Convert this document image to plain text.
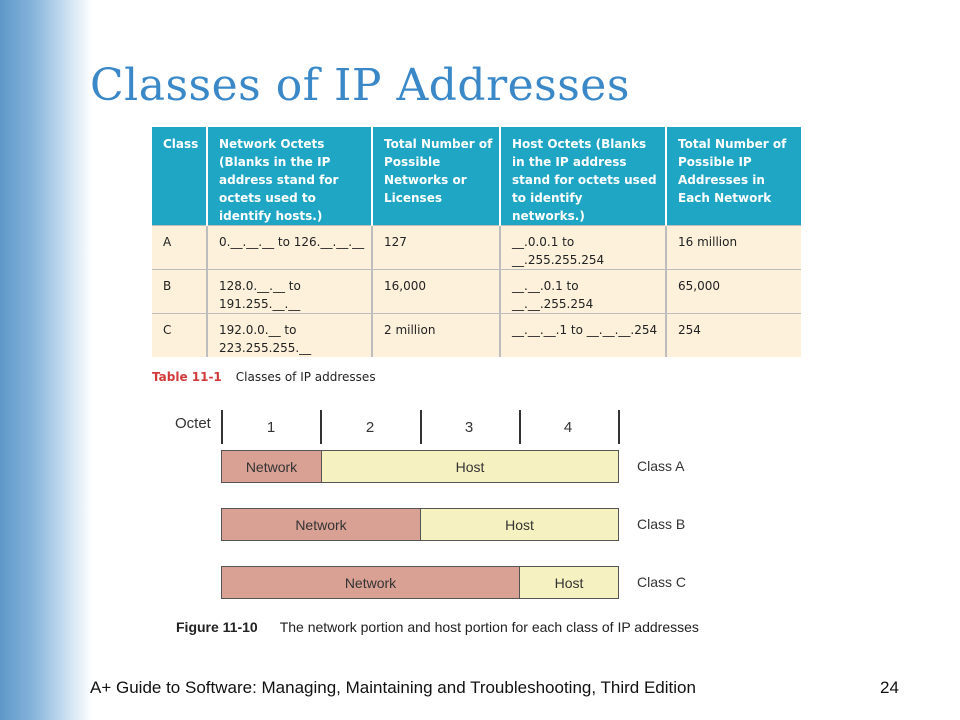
Classes of IP Addresses
Class	Network Octets (Blanks in the IP address stand for octets used to identify hosts.)	Total Number of Possible Networks or Licenses	Host Octets (Blanks in the IP address stand for octets used to identify networks.)	Total Number of Possible IP Addresses in Each Network
A	0.__.__.__ to 126.__.__.__	127	__.0.0.1 to __.255.255.254	16 million
B	128.0.__.__ to 191.255.__.__	16,000	__.__.0.1 to __.__.255.254	65,000
C	192.0.0.__ to 223.255.255.__	2 million	__.__.__.1 to __.__.__.254	254
Table 11-1 Classes of IP addresses
Octet	1	2	3	4
Network	Host	Class A
Network	Host	Class B
Network	Host	Class C
Figure 11-10 The network portion and host portion for each class of IP addresses
A+ Guide to Software: Managing, Maintaining and Troubleshooting, Third Edition	24
